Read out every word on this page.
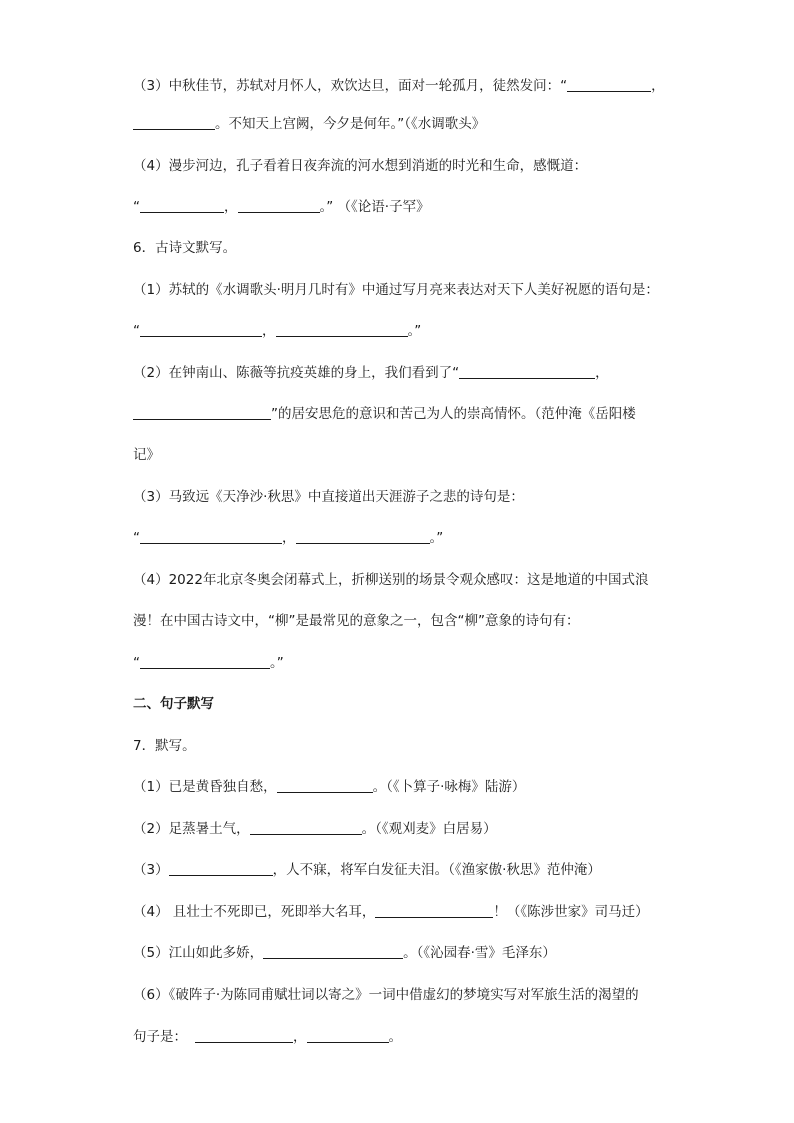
（3）中秋佳节，苏轼对月怀人，欢饮达旦，面对一轮孤月，徒然发问：“	，
。不知天上宫阙，今夕是何年。”（《水调歌头》
（4）漫步河边，孔子看着日夜奔流的河水想到消逝的时光和生命，感慨道：
“	，	。” （《论语·子罕》
6．古诗文默写。
（1）苏轼的《水调歌头·明月几时有》中通过写月亮来表达对天下人美好祝愿的语句是：
“	，	。”
（2）在钟南山、陈薇等抗疫英雄的身上，我们看到了“	，
”的居安思危的意识和苦己为人的崇高情怀。（范仲淹《岳阳楼
记》
（3）马致远《天净沙·秋思》中直接道出天涯游子之悲的诗句是：
“	，	。”
（4）2022年北京冬奥会闭幕式上，折柳送别的场景令观众感叹：这是地道的中国式浪
漫！在中国古诗文中，“柳”是最常见的意象之一，包含“柳”意象的诗句有：
“	。”
二、句子默写
7．默写。
（1）已是黄昏独自愁，	。（《卜算子·咏梅》陆游）
（2）足蒸暑土气，	。（《观刈麦》白居易）
（3）	，人不寐，将军白发征夫泪。（《渔家傲·秋思》范仲淹）
（4） 且壮士不死即已，死即举大名耳，	！（《陈涉世家》司马迁）
（5）江山如此多娇，	。（《沁园春·雪》毛泽东）
（6）《破阵子·为陈同甫赋壮词以寄之》一词中借虚幻的梦境实写对军旅生活的渴望的
句子是：	，	。
